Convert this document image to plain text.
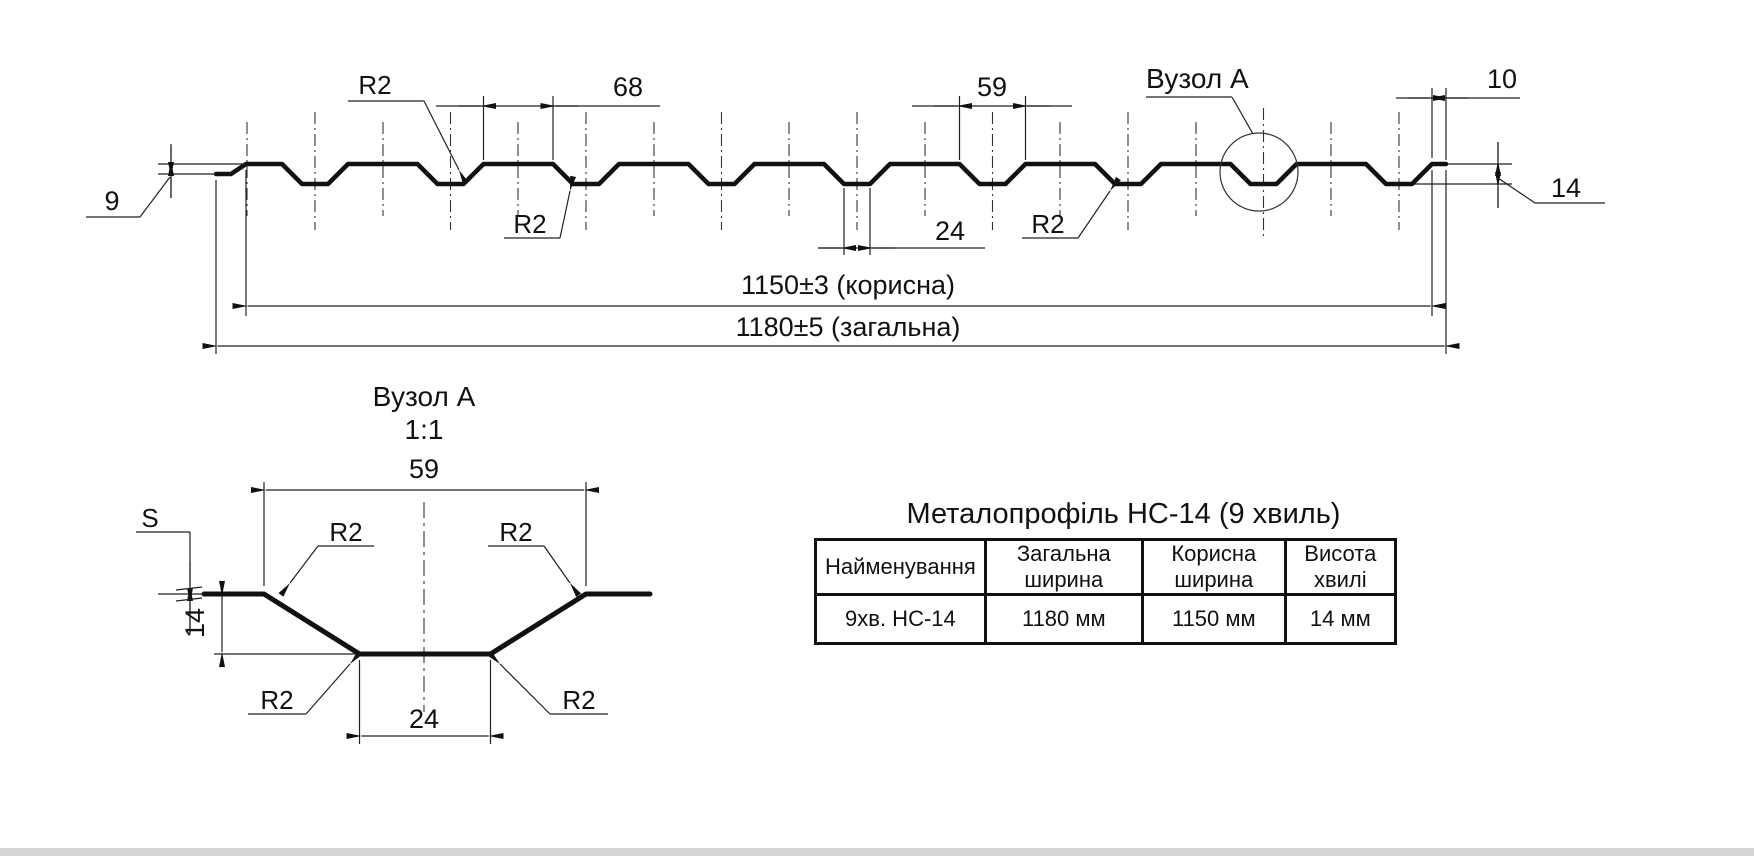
R2	68	59	Вузол А	10
9
R2	24	R2
14
1150±3 (корисна)
1180±5 (загальна)
Вузол А
1:1
59
S	R2	R2
14
R2	R2
24
Металопрофіль НС-14 (9 хвиль)
Найменування	Загальна ширина	Корисна ширина	Висота хвилі
9хв. НС-14	1180 мм	1150 мм	14 мм
